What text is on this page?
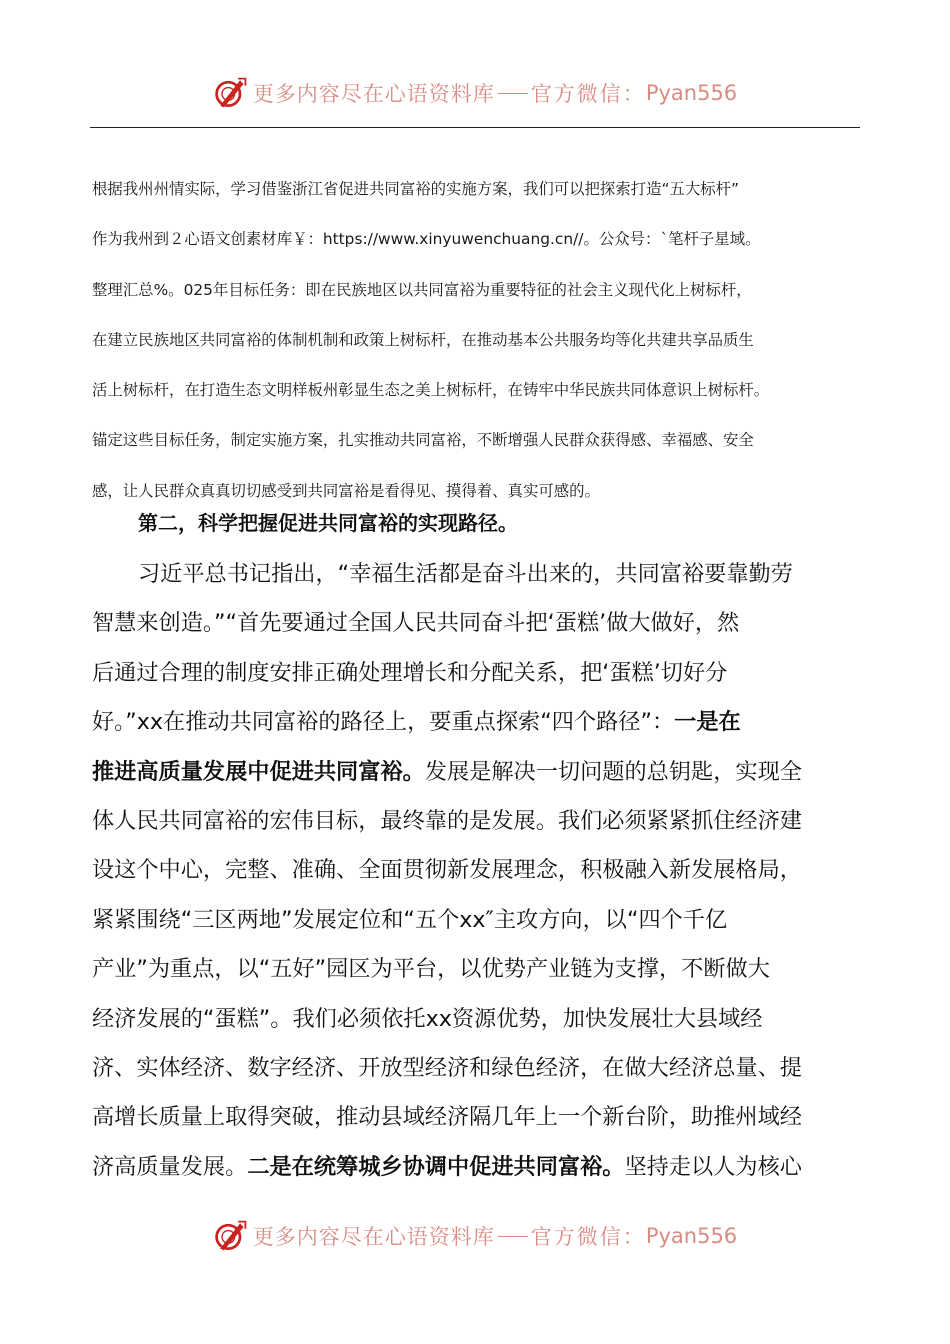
更多内容尽在心语资料库 官方微信： Pyan556
根据我州州情实际，学习借鉴浙江省促进共同富裕的实施方案，我们可以把探索打造“五大标杆”
作为我州到２心语文创素材库￥：https://www.xinyuwenchuang.cn//。公众号：`笔杆子星域。
整理汇总%。025年目标任务：即在民族地区以共同富裕为重要特征的社会主义现代化上树标杆，
在建立民族地区共同富裕的体制机制和政策上树标杆，在推动基本公共服务均等化共建共享品质生
活上树标杆，在打造生态文明样板州彰显生态之美上树标杆，在铸牢中华民族共同体意识上树标杆。
锚定这些目标任务，制定实施方案，扎实推动共同富裕，不断增强人民群众获得感、幸福感、安全
感，让人民群众真真切切感受到共同富裕是看得见、摸得着、真实可感的。
第二，科学把握促进共同富裕的实现路径。
习近平总书记指出，“幸福生活都是奋斗出来的，共同富裕要靠勤劳
智慧来创造。”“首先要通过全国人民共同奋斗把‘蛋糕’做大做好，然
后通过合理的制度安排正确处理增长和分配关系，把‘蛋糕’切好分
好。”xx在推动共同富裕的路径上，要重点探索“四个路径”：一是在
推进高质量发展中促进共同富裕。发展是解决一切问题的总钥匙，实现全
体人民共同富裕的宏伟目标，最终靠的是发展。我们必须紧紧抓住经济建
设这个中心，完整、准确、全面贯彻新发展理念，积极融入新发展格局，
紧紧围绕“三区两地”发展定位和“五个xx″主攻方向，以“四个千亿
产业”为重点，以“五好”园区为平台，以优势产业链为支撑，不断做大
经济发展的“蛋糕”。我们必须依托xx资源优势，加快发展壮大县域经
济、实体经济、数字经济、开放型经济和绿色经济，在做大经济总量、提
高增长质量上取得突破，推动县域经济隔几年上一个新台阶，助推州域经
济高质量发展。二是在统筹城乡协调中促进共同富裕。坚持走以人为核心
更多内容尽在心语资料库 官方微信： Pyan556
